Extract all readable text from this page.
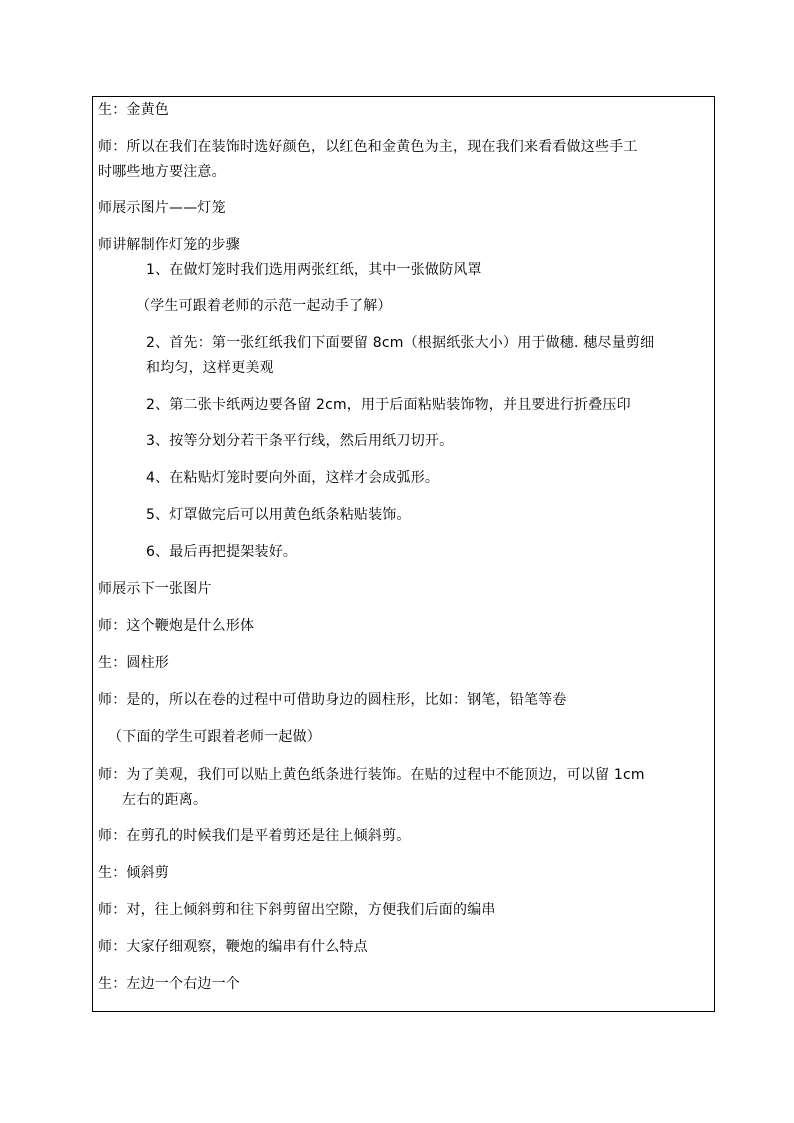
生：金黄色
师：所以在我们在装饰时选好颜色，以红色和金黄色为主，现在我们来看看做这些手工
时哪些地方要注意。
师展示图片——灯笼
师讲解制作灯笼的步骤
1、在做灯笼时我们选用两张红纸，其中一张做防风罩
（学生可跟着老师的示范一起动手了解）
2、首先：第一张红纸我们下面要留 8cm（根据纸张大小）用于做穗. 穗尽量剪细
和均匀，这样更美观
2、第二张卡纸两边要各留 2cm，用于后面粘贴装饰物，并且要进行折叠压印
3、按等分划分若干条平行线，然后用纸刀切开。
4、在粘贴灯笼时要向外面，这样才会成弧形。
5、灯罩做完后可以用黄色纸条粘贴装饰。
6、最后再把提架装好。
师展示下一张图片
师：这个鞭炮是什么形体
生：圆柱形
师：是的，所以在卷的过程中可借助身边的圆柱形，比如：钢笔，铅笔等卷
（下面的学生可跟着老师一起做）
师：为了美观，我们可以贴上黄色纸条进行装饰。在贴的过程中不能顶边，可以留 1cm
左右的距离。
师：在剪孔的时候我们是平着剪还是往上倾斜剪。
生：倾斜剪
师：对，往上倾斜剪和往下斜剪留出空隙，方便我们后面的编串
师：大家仔细观察，鞭炮的编串有什么特点
生：左边一个右边一个
